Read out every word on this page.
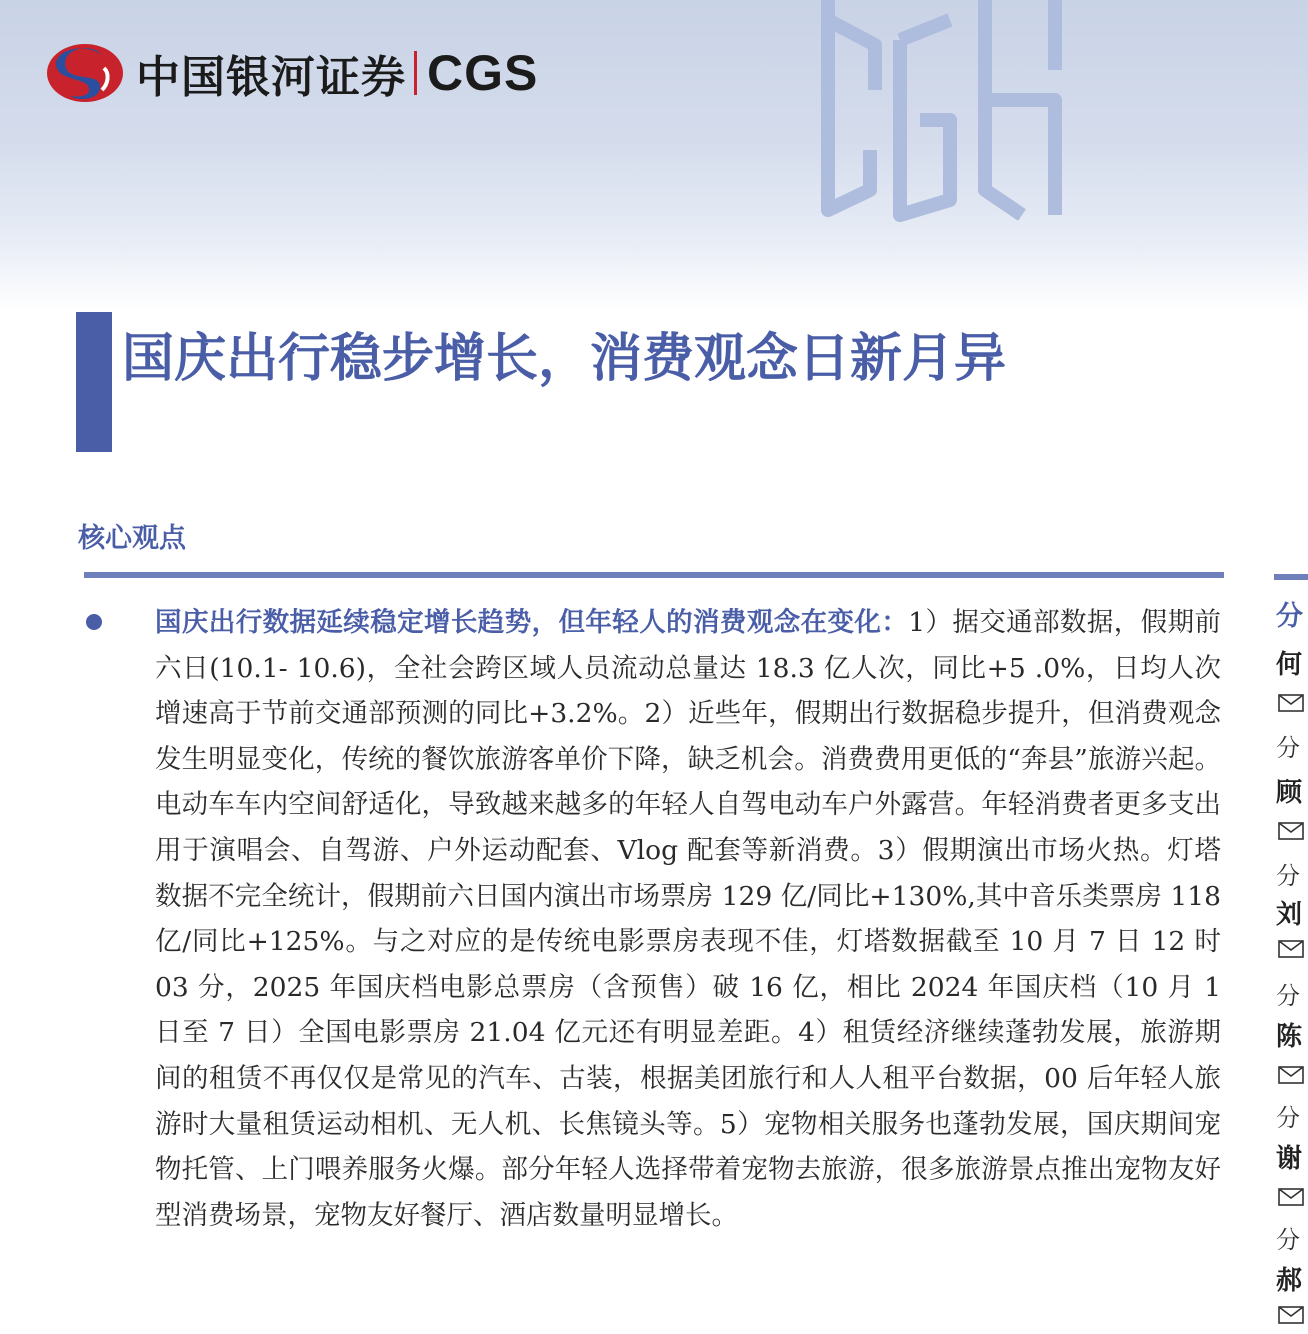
中国银河证券 CGS
国庆出行稳步增长，消费观念日新月异
核心观点

国庆出行数据延续稳定增长趋势，但年轻人的消费观念在变化：1）据交通部数据，假期前六日(10.1- 10.6)，全社会跨区域人员流动总量达 18.3 亿人次，同比+5 .0%，日均人次增速高于节前交通部预测的同比+3.2%。2）近些年，假期出行数据稳步提升，但消费观念发生明显变化，传统的餐饮旅游客单价下降，缺乏机会。消费费用更低的“奔县”旅游兴起。电动车车内空间舒适化，导致越来越多的年轻人自驾电动车户外露营。年轻消费者更多支出用于演唱会、自驾游、户外运动配套、Vlog 配套等新消费。3）假期演出市场火热。灯塔数据不完全统计，假期前六日国内演出市场票房 129 亿/同比+130%,其中音乐类票房 118 亿/同比+125%。与之对应的是传统电影票房表现不佳，灯塔数据截至 10 月 7 日 12 时 03 分，2025 年国庆档电影总票房（含预售）破 16 亿，相比 2024 年国庆档（10 月 1 日至 7 日）全国电影票房 21.04 亿元还有明显差距。4）租赁经济继续蓬勃发展，旅游期间的租赁不再仅仅是常见的汽车、古装，根据美团旅行和人人租平台数据，00 后年轻人旅游时大量租赁运动相机、无人机、长焦镜头等。5）宠物相关服务也蓬勃发展，国庆期间宠物托管、上门喂养服务火爆。部分年轻人选择带着宠物去旅游，很多旅游景点推出宠物友好型消费场景，宠物友好餐厅、酒店数量明显增长。

分
何
分
顾
分
刘
分
陈
分
谢
分
郝
